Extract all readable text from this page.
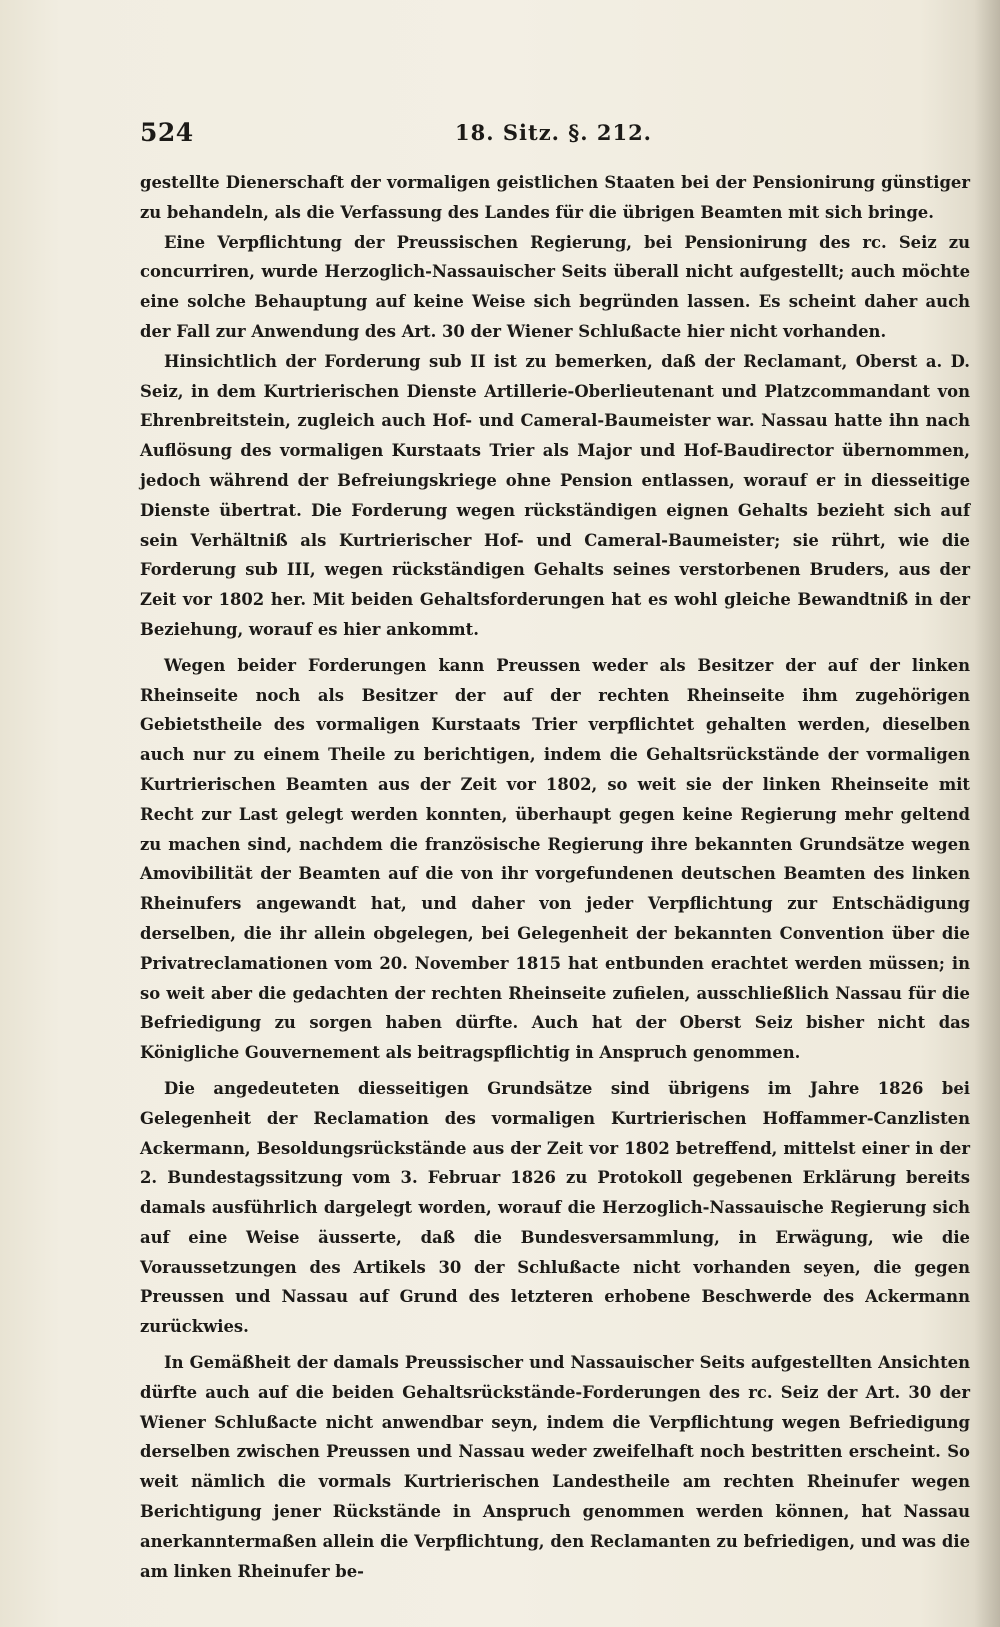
524	18. Sitz. §. 212.

gestellte Dienerschaft der vormaligen geistlichen Staaten bei der Pensionirung günstiger zu behandeln, als die Verfassung des Landes für die übrigen Beamten mit sich bringe.

Eine Verpflichtung der Preussischen Regierung, bei Pensionirung des rc. Seiz zu concurriren, wurde Herzoglich-Nassauischer Seits überall nicht aufgestellt; auch möchte eine solche Behauptung auf keine Weise sich begründen lassen. Es scheint daher auch der Fall zur Anwendung des Art. 30 der Wiener Schlußacte hier nicht vorhanden.

Hinsichtlich der Forderung sub II ist zu bemerken, daß der Reclamant, Oberst a. D. Seiz, in dem Kurtrierischen Dienste Artillerie-Oberlieutenant und Platzcommandant von Ehrenbreitstein, zugleich auch Hof- und Cameral-Baumeister war. Nassau hatte ihn nach Auflösung des vormaligen Kurstaats Trier als Major und Hof-Baudirector übernommen, jedoch während der Befreiungskriege ohne Pension entlassen, worauf er in diesseitige Dienste übertrat. Die Forderung wegen rückständigen eignen Gehalts bezieht sich auf sein Verhältniß als Kurtrierischer Hof- und Cameral-Baumeister; sie rührt, wie die Forderung sub III, wegen rückständigen Gehalts seines verstorbenen Bruders, aus der Zeit vor 1802 her. Mit beiden Gehaltsforderungen hat es wohl gleiche Bewandtniß in der Beziehung, worauf es hier ankommt.

Wegen beider Forderungen kann Preussen weder als Besitzer der auf der linken Rheinseite noch als Besitzer der auf der rechten Rheinseite ihm zugehörigen Gebietstheile des vormaligen Kurstaats Trier verpflichtet gehalten werden, dieselben auch nur zu einem Theile zu berichtigen, indem die Gehaltsrückstände der vormaligen Kurtrierischen Beamten aus der Zeit vor 1802, so weit sie der linken Rheinseite mit Recht zur Last gelegt werden konnten, überhaupt gegen keine Regierung mehr geltend zu machen sind, nachdem die französische Regierung ihre bekannten Grundsätze wegen Amovibilität der Beamten auf die von ihr vorgefundenen deutschen Beamten des linken Rheinufers angewandt hat, und daher von jeder Verpflichtung zur Entschädigung derselben, die ihr allein obgelegen, bei Gelegenheit der bekannten Convention über die Privatreclamationen vom 20. November 1815 hat entbunden erachtet werden müssen; in so weit aber die gedachten der rechten Rheinseite zufielen, ausschließlich Nassau für die Befriedigung zu sorgen haben dürfte. Auch hat der Oberst Seiz bisher nicht das Königliche Gouvernement als beitragspflichtig in Anspruch genommen.

Die angedeuteten diesseitigen Grundsätze sind übrigens im Jahre 1826 bei Gelegenheit der Reclamation des vormaligen Kurtrierischen Hoffammer-Canzlisten Ackermann, Besoldungsrückstände aus der Zeit vor 1802 betreffend, mittelst einer in der 2. Bundestagssitzung vom 3. Februar 1826 zu Protokoll gegebenen Erklärung bereits damals ausführlich dargelegt worden, worauf die Herzoglich-Nassauische Regierung sich auf eine Weise äusserte, daß die Bundesversammlung, in Erwägung, wie die Voraussetzungen des Artikels 30 der Schlußacte nicht vorhanden seyen, die gegen Preussen und Nassau auf Grund des letzteren erhobene Beschwerde des Ackermann zurückwies.

In Gemäßheit der damals Preussischer und Nassauischer Seits aufgestellten Ansichten dürfte auch auf die beiden Gehaltsrückstände-Forderungen des rc. Seiz der Art. 30 der Wiener Schlußacte nicht anwendbar seyn, indem die Verpflichtung wegen Befriedigung derselben zwischen Preussen und Nassau weder zweifelhaft noch bestritten erscheint. So weit nämlich die vormals Kurtrierischen Landestheile am rechten Rheinufer wegen Berichtigung jener Rückstände in Anspruch genommen werden können, hat Nassau anerkanntermaßen allein die Verpflichtung, den Reclamanten zu befriedigen, und was die am linken Rheinufer be-
